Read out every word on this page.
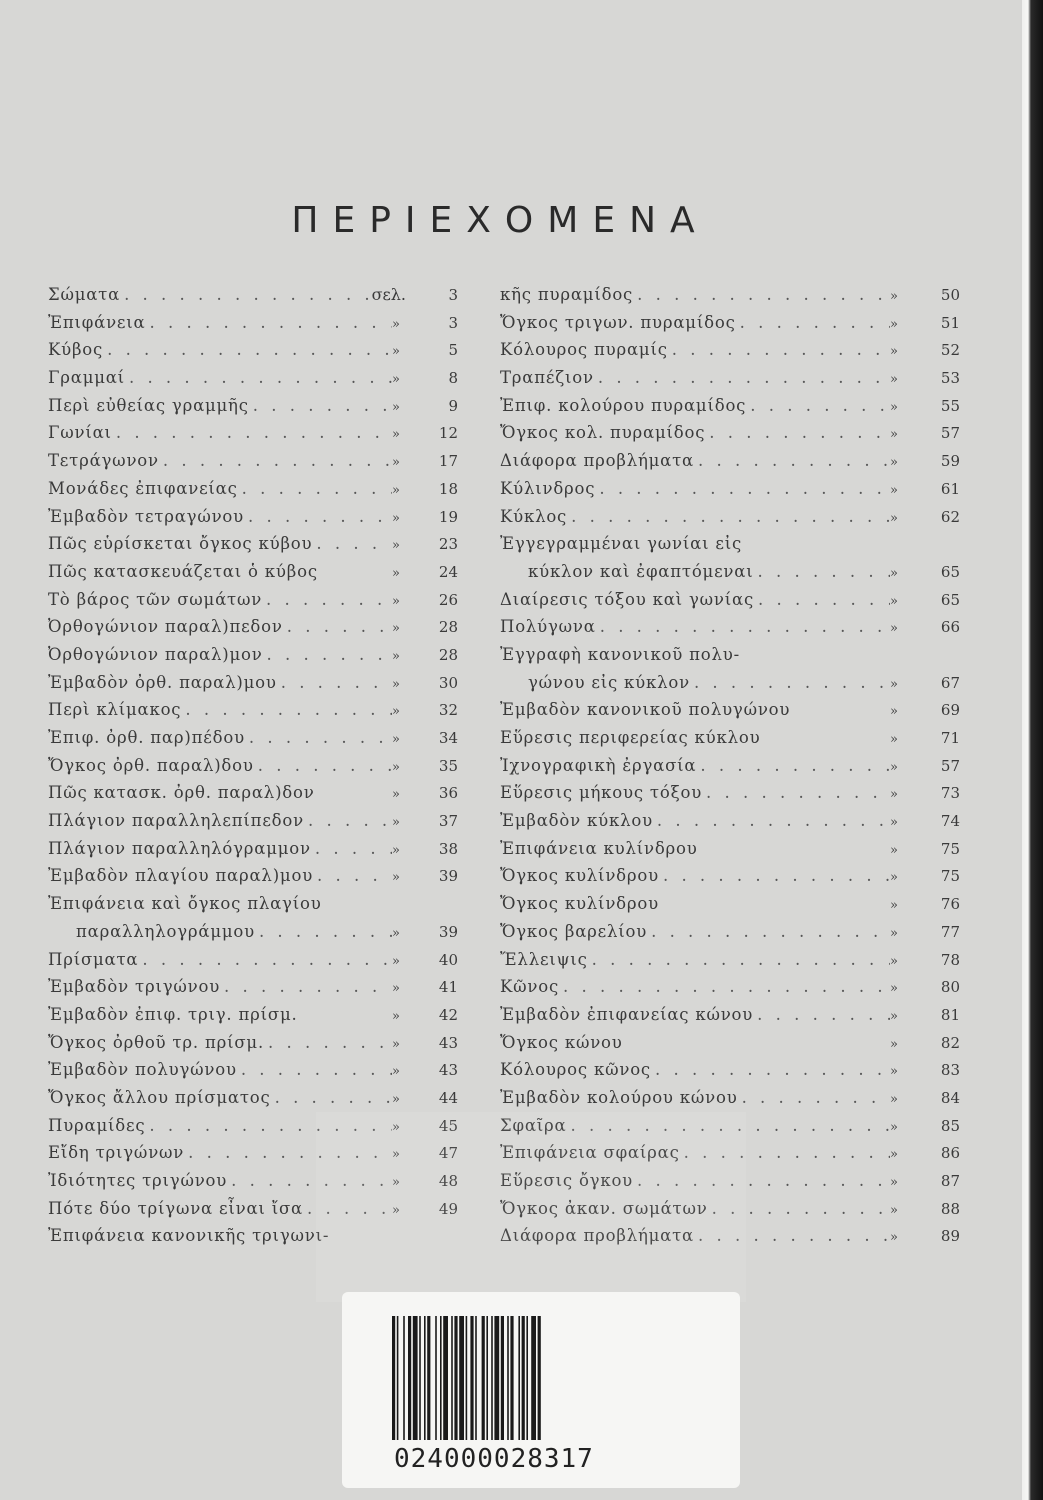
ΠΕΡΙΕΧΟΜΕΝΑ
Σώματα . . .	σελ.	3
Ἐπιφάνεια . . .	»	3
Κύβος . . .	»	5
Γραμμαί . . .	»	8
Περὶ εὐθείας γραμμῆς . . .	»	9
Γωνίαι . . .	»	12
Τετράγωνον . . .	»	17
Μονάδες ἐπιφανείας . . .	»	18
Ἐμβαδὸν τετραγώνου . . .	»	19
Πῶς εὑρίσκεται ὄγκος κύβου . . .	»	23
Πῶς κατασκευάζεται ὁ κύβος	»	24
Τὸ βάρος τῶν σωμάτων . . .	»	26
Ὀρθογώνιον παραλ)πεδον . . .	»	28
Ὀρθογώνιον παραλ)μον . . .	»	28
Ἐμβαδὸν ὀρθ. παραλ)μου . . .	»	30
Περὶ κλίμακος . . .	»	32
Ἐπιφ. ὀρθ. παρ)πέδου . . .	»	34
Ὄγκος ὀρθ. παραλ)δου . . .	»	35
Πῶς κατασκ. ὀρθ. παραλ)δον	»	36
Πλάγιον παραλληλεπίπεδον . . .	»	37
Πλάγιον παραλληλόγραμμον . . .	»	38
Ἐμβαδὸν πλαγίου παραλ)μου . . .	»	39
Ἐπιφάνεια καὶ ὄγκος πλαγίου
παραλληλογράμμου . . .	»	39
Πρίσματα . . .	»	40
Ἐμβαδὸν τριγώνου . . .	»	41
Ἐμβαδὸν ἐπιφ. τριγ. πρίσμ.	»	42
Ὄγκος ὀρθοῦ τρ. πρίσμ. . . .	»	43
Ἐμβαδὸν πολυγώνου . . .	»	43
Ὄγκος ἄλλου πρίσματος . . .	»	44
Πυραμίδες . . .	»	45
Εἴδη τριγώνων . . .	»	47
Ἰδιότητες τριγώνου . . .	»	48
Πότε δύο τρίγωνα εἶναι ἴσα . . .	»	49
Ἐπιφάνεια κανονικῆς τριγωνι-
κῆς πυραμίδος . . .	»	50
Ὄγκος τριγων. πυραμίδος . . .	»	51
Κόλουρος πυραμίς . . .	»	52
Τραπέζιον . . .	»	53
Ἐπιφ. κολούρου πυραμίδος . . .	»	55
Ὄγκος κολ. πυραμίδος . . .	»	57
Διάφορα προβλήματα . . .	»	59
Κύλινδρος . . .	»	61
Κύκλος . . .	»	62
Ἐγγεγραμμέναι γωνίαι εἰς
κύκλον καὶ ἐφαπτόμεναι . . .	»	65
Διαίρεσις τόξου καὶ γωνίας . . .	»	65
Πολύγωνα . . .	»	66
Ἐγγραφὴ κανονικοῦ πολυ-
γώνου εἰς κύκλον . . .	»	67
Ἐμβαδὸν κανονικοῦ πολυγώνου	»	69
Εὕρεσις περιφερείας κύκλου	»	71
Ἰχνογραφικὴ ἐργασία . . .	»	57
Εὕρεσις μήκους τόξου . . .	»	73
Ἐμβαδὸν κύκλου . . .	»	74
Ἐπιφάνεια κυλίνδρου	»	75
Ὄγκος κυλίνδρου . . .	»	75
Ὄγκος κυλίνδρου	»	76
Ὄγκος βαρελίου . . .	»	77
Ἔλλειψις . . .	»	78
Κῶνος . . .	»	80
Ἐμβαδὸν ἐπιφανείας κώνου . . .	»	81
Ὄγκος κώνου	»	82
Κόλουρος κῶνος . . .	»	83
Ἐμβαδὸν κολούρου κώνου . . .	»	84
Σφαῖρα . . .	»	85
Ἐπιφάνεια σφαίρας . . .	»	86
Εὕρεσις ὄγκου . . .	»	87
Ὄγκος ἀκαν. σωμάτων . . .	»	88
Διάφορα προβλήματα . . .	»	89
024000028317
